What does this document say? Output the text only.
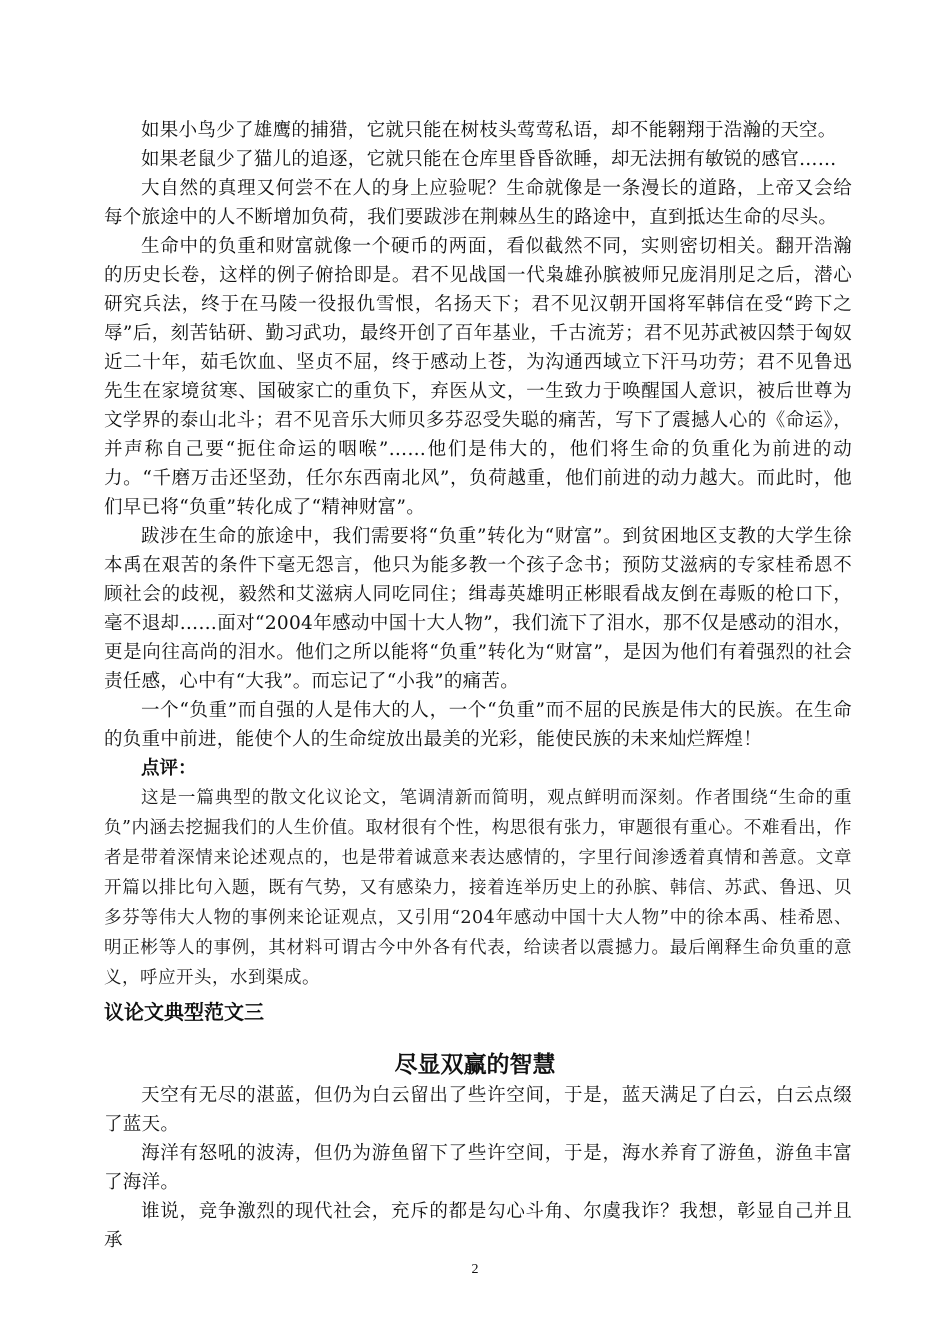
如果小鸟少了雄鹰的捕猎，它就只能在树枝头莺莺私语，却不能翱翔于浩瀚的天空。

如果老鼠少了猫儿的追逐，它就只能在仓库里昏昏欲睡，却无法拥有敏锐的感官……

大自然的真理又何尝不在人的身上应验呢？生命就像是一条漫长的道路，上帝又会给每个旅途中的人不断增加负荷，我们要跋涉在荆棘丛生的路途中，直到抵达生命的尽头。

生命中的负重和财富就像一个硬币的两面，看似截然不同，实则密切相关。翻开浩瀚的历史长卷，这样的例子俯拾即是。君不见战国一代枭雄孙膑被师兄庞涓刖足之后，潜心研究兵法，终于在马陵一役报仇雪恨，名扬天下；君不见汉朝开国将军韩信在受“跨下之辱”后，刻苦钻研、勤习武功，最终开创了百年基业，千古流芳；君不见苏武被囚禁于匈奴近二十年，茹毛饮血、坚贞不屈，终于感动上苍，为沟通西域立下汗马功劳；君不见鲁迅先生在家境贫寒、国破家亡的重负下，弃医从文，一生致力于唤醒国人意识，被后世尊为文学界的泰山北斗；君不见音乐大师贝多芬忍受失聪的痛苦，写下了震撼人心的《命运》，并声称自己要“扼住命运的咽喉”……他们是伟大的，他们将生命的负重化为前进的动力。“千磨万击还坚劲，任尔东西南北风”，负荷越重，他们前进的动力越大。而此时，他们早已将“负重”转化成了“精神财富”。

跋涉在生命的旅途中，我们需要将“负重”转化为“财富”。到贫困地区支教的大学生徐本禹在艰苦的条件下毫无怨言，他只为能多教一个孩子念书；预防艾滋病的专家桂希恩不顾社会的歧视，毅然和艾滋病人同吃同住；缉毒英雄明正彬眼看战友倒在毒贩的枪口下，毫不退却……面对“2004年感动中国十大人物”，我们流下了泪水，那不仅是感动的泪水，更是向往高尚的泪水。他们之所以能将“负重”转化为“财富”，是因为他们有着强烈的社会责任感，心中有“大我”。而忘记了“小我”的痛苦。

一个“负重”而自强的人是伟大的人，一个“负重”而不屈的民族是伟大的民族。在生命的负重中前进，能使个人的生命绽放出最美的光彩，能使民族的未来灿烂辉煌！

点评：

这是一篇典型的散文化议论文，笔调清新而简明，观点鲜明而深刻。作者围绕“生命的重负”内涵去挖掘我们的人生价值。取材很有个性，构思很有张力，审题很有重心。不难看出，作者是带着深情来论述观点的，也是带着诚意来表达感情的，字里行间渗透着真情和善意。文章开篇以排比句入题，既有气势，又有感染力，接着连举历史上的孙膑、韩信、苏武、鲁迅、贝多芬等伟大人物的事例来论证观点，又引用“204年感动中国十大人物”中的徐本禹、桂希恩、明正彬等人的事例，其材料可谓古今中外各有代表，给读者以震撼力。最后阐释生命负重的意义，呼应开头，水到渠成。

议论文典型范文三
尽显双赢的智慧

天空有无尽的湛蓝，但仍为白云留出了些许空间，于是，蓝天满足了白云，白云点缀了蓝天。

海洋有怒吼的波涛，但仍为游鱼留下了些许空间，于是，海水养育了游鱼，游鱼丰富了海洋。

谁说，竞争激烈的现代社会，充斥的都是勾心斗角、尔虞我诈？我想，彰显自己并且承

2
